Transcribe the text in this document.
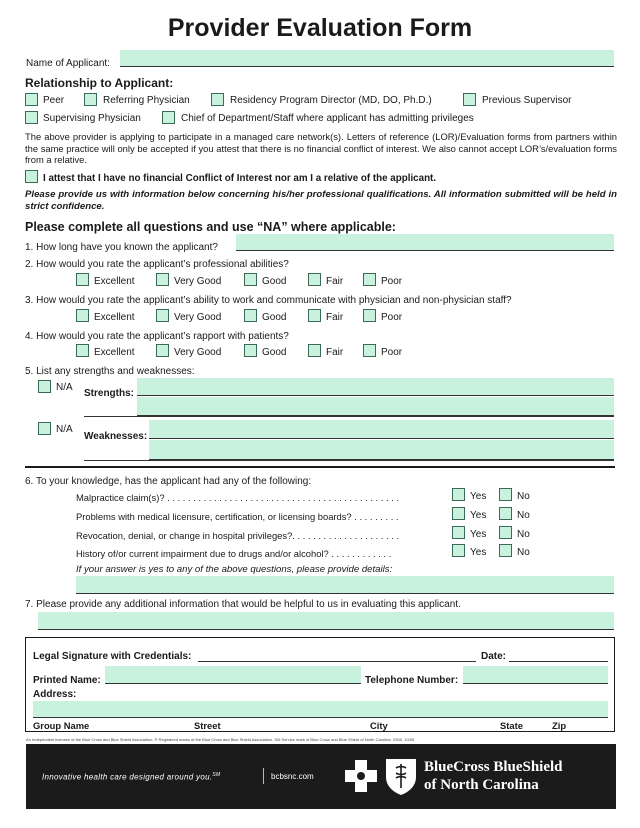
Provider Evaluation Form
Name of Applicant:
Relationship to Applicant:
Peer	Referring Physician	Residency Program Director (MD, DO, Ph.D.)	Previous Supervisor
Supervising Physician	Chief of Department/Staff where applicant has admitting privileges
The above provider is applying to participate in a managed care network(s). Letters of reference (LOR)/Evaluation forms from partners within the same practice will only be accepted if you attest that there is no financial conflict of interest. We also cannot accept LOR’s/evaluation forms from a relative.
I attest that I have no financial Conflict of Interest nor am I a relative of the applicant.
Please provide us with information below concerning his/her professional qualifications. All information submitted will be held in strict confidence.
Please complete all questions and use “NA” where applicable:
1. How long have you known the applicant?
2. How would you rate the applicant’s professional abilities?
Excellent	Very Good	Good	Fair	Poor
3. How would you rate the applicant’s ability to work and communicate with physician and non-physician staff?
Excellent	Very Good	Good	Fair	Poor
4. How would you rate the applicant’s rapport with patients?
Excellent	Very Good	Good	Fair	Poor
5. List any strengths and weaknesses:
N/A
Strengths:
N/A
Weaknesses:
6. To your knowledge, has the applicant had any of the following:
Malpractice claim(s)? . . . . . . . . . . . . . . . . . . . . . . . . . . . . . . . . . . . . . . . . . . . . .	Yes	No
Problems with medical licensure, certification, or licensing boards? . . . . . . . . .	Yes	No
Revocation, denial, or change in hospital privileges?. . . . . . . . . . . . . . . . . . . . .	Yes	No
History of/or current impairment due to drugs and/or alcohol? . . . . . . . . . . . .	Yes	No
If your answer is yes to any of the above questions, please provide details:
7. Please provide any additional information that would be helpful to us in evaluating this applicant.
Legal Signature with Credentials:	Date:
Printed Name:	Telephone Number:
Address:
Group Name	Street	City	State	Zip
An Independent licensee of the Blue Cross and Blue Shield Association. ® Registered marks of the Blue Cross and Blue Shield Association. SM Service mark of Blue Cross and Blue Shield of North Carolina. V500, 10/05
Innovative health care designed around you.℠	bcbsnc.com
BlueCross BlueShield
of North Carolina
